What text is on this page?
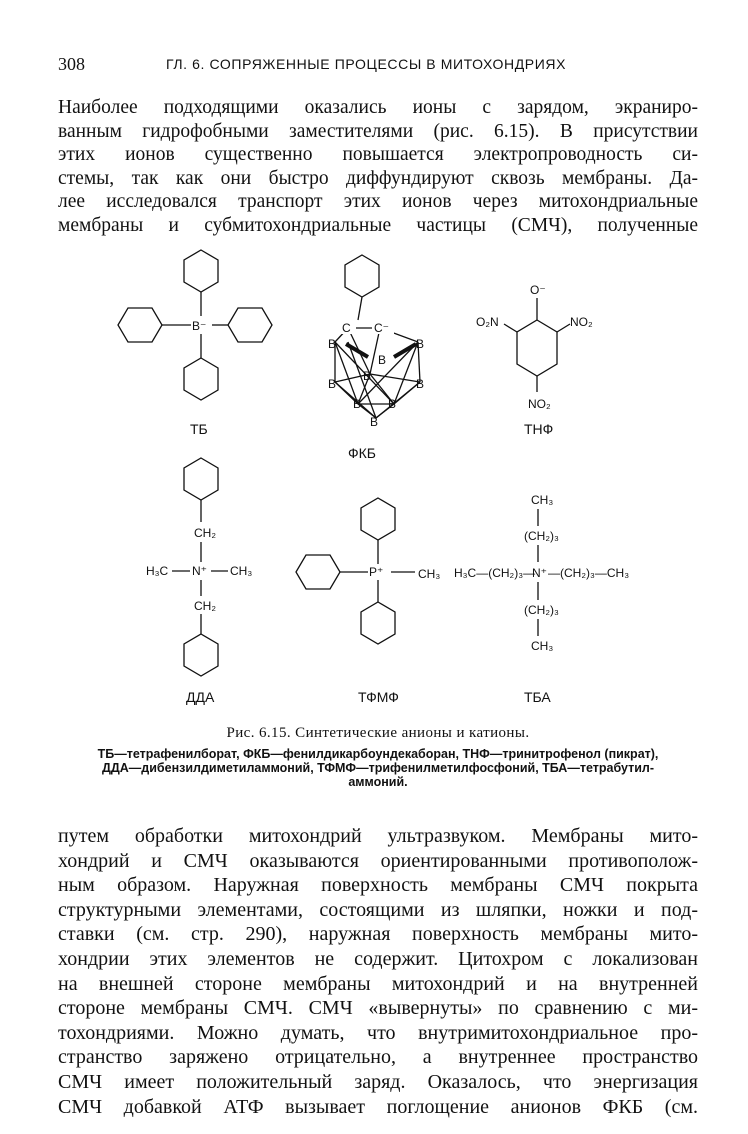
308	ГЛ. 6. СОПРЯЖЕННЫЕ ПРОЦЕССЫ В МИТОХОНДРИЯХ
Наиболее подходящими оказались ионы с зарядом, экраниро-
ванным гидрофобными заместителями (рис. 6.15). В присутствии
этих ионов существенно повышается электропроводность си-
стемы, так как они быстро диффундируют сквозь мембраны. Да-
лее исследовался транспорт этих ионов через митохондриальные
мембраны и субмитохондриальные частицы (СМЧ), полученные
B⁻
ТБ
C C⁻
B	B
B
B
B	B
B B
B
ФКБ
O⁻
O₂N	NO₂
NO₂
ТНФ
CH₂
H₃C N⁺ CH₃
CH₂
ДДА
P⁺	CH₃
ТФМФ
CH₃
(CH₂)₃
H₃C—(CH₂)₃—
N⁺ —(CH₂)₃—CH₃
(CH₂)₃
CH₃
ТБА
Рис. 6.15. Синтетические анионы и катионы.
ТБ—тетрафенилборат, ФКБ—фенилдикарбоундекаборан, ТНФ—тринитрофенол (пикрат),
ДДА—дибензилдиметиламмоний, ТФМФ—трифенилметилфосфоний, ТБА—тетрабутил-
аммоний.
путем обработки митохондрий ультразвуком. Мембраны мито-
хондрий и СМЧ оказываются ориентированными противополож-
ным образом. Наружная поверхность мембраны СМЧ покрыта
структурными элементами, состоящими из шляпки, ножки и под-
ставки (см. стр. 290), наружная поверхность мембраны мито-
хондрии этих элементов не содержит. Цитохром с локализован
на внешней стороне мембраны митохондрий и на внутренней
стороне мембраны СМЧ. СМЧ «вывернуты» по сравнению с ми-
тохондриями. Можно думать, что внутримитохондриальное про-
странство заряжено отрицательно, а внутреннее пространство
СМЧ имеет положительный заряд. Оказалось, что энергизация
СМЧ добавкой АТФ вызывает поглощение анионов ФКБ (см.
